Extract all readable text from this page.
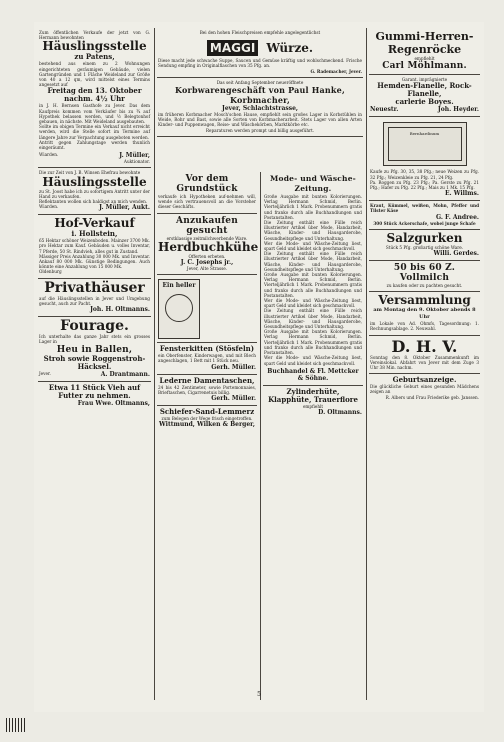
Zum öffentlichen Verkaufe der jetzt von G. Hermann bewohnten
Häuslingsstelle
zu Patens,
bestehend aus einem zu 2 Wohnungen eingerichteten geräumigen Gebäude, vielen Gartengründen und 1 Flâche Weideland zur Größe von 40 a 12 qm, wird mittelst eines Termins angesetzt auf
Freitag den 13. Oktober nachm. 4½ Uhr
in J. H. Bernsen Gasthofe zu Jever. Das dem Kaufpreis kommen vom Verkäufer bis zu ¾ auf Hypothek belassen werden, und ½ Belegtonhof gebauen, in nächste. Mit Weideland ausgebauten.
Sollte im obigen Termine ein Verkauf nicht erreicht werden, wird die Stelle sofort im Termine auf längere Jahre zur Verpachtung ausgeboten werden.
Antritt gegen Zahlungstage werden thunlich eingeräumt.
Wiarden.	J. Müller,
Auktionator.
Die zur Zeit von J. B. Winsen Ehefrau bewohnte
Häuslingsstelle
zu St. Joost habe ich zu sofortigem Antritt unter der Hand zu verkaufen.
Reflektanten wollen sich baldigst an mich wenden.
Wiarden.	J. Müller, Aukt.
Hof-Verkauf
i. Hollstein,
65 Hektar schöner Weizenboden. Mainzer 3700 Mk. pro Hektar zum Kauf. Gebäuden u. volles Inventar, 7 Pferde, 50 St. Rindvieh, alles gut in Zustand.
Mässiger Preis Anzahlung 30 000 Mk. und Inventar. Ankauf 80 000 Mk. Günstige Bedingungen. Auch könnte eine Anzahlung von 15 000 Mk.
Oldenburg
Privathäuser
auf die Häuslingsstellen in Jever und Umgebung gesucht, auch zur Pacht.
Joh. H. Oltmanns.
Fourage.
Ich unterhalte das ganze Jahr stets ein grosses Lager in
Heu in Ballen,
Stroh sowie Roggenstroh-Häcksel.
Jever.	A. Drantmann.
Etwa 11 Stück Vieh auf Futter zu nehmen.
Frau Wwe. Oltmanns,
Bei den hohen Fleischpreisen empfehle angelegentlichst
MAGGI Würze.
Diese macht jede schwache Suppe, Saucen und Gemüse kräftig und wohlschmeckend. Frische Sendung empfing in Originalflaschen von 35 Pfg. an.
G. Rademacher, Jever.
Das seit Anfang September neueröffnete
Korbwarengeschäft von Paul Hanke, Korbmacher,
Jever, Schlachtstrasse,
im früheren Korbmacher Mosch'schen Hause, empfiehlt sein großes Lager in Korbstühlen in Weide, Rohr und Bast, sowie alle Sorten von Korbmacherarbeit. Stets Lager von allen Arten Kinder- und Puppenwagen, Reise- und Wäschekörben, Marktkörbe etc.
Reparaturen werden prompt und billig ausgeführt.
Vor dem Grundstück
verkaufe ich Hypotheken auf-nehmen will, wende sich vertrauensvoll an die Vorsteher dieser Geschäfts.
Anzukaufen gesucht
erstklassige zeitmilchwerbende Ware.
Herdbuchkühe
Offerten erbeten.
J. C. Josephs jr.,
Jever, Alte Strasse.
Ein heller
Fensterkitten (Stösfeln)
ein Oberfenster, Kinderwagen, und mit Blech angeschlagen, 1 Bett mit 1 Stück neu.
Gerh. Müller.
Lederne Damentaschen,
24 bis 42 Zentimeter, sowie Portemonnaies, Brieftaschen, Cigarrenetuis billig.
Gerh. Müller.
Schiefer-Sand-Lemmerz
zum Belegen der Wege frisch eingetroffen.
Wittmund, Wilken & Berger,
Mode- und Wäsche-Zeitung.
Große Ausgabe mit bunten Kolorierungen. Verlag Hermann Schmid, Berlin. Vierteljährlich 1 Mark. Probenummern gratis und franko durch alle Buchhandlungen und Postanstalten.
Die Zeitung enthält eine Fülle reich illustrierter Artikel über Mode, Handarbeit, Wäsche, Kinder- und Hausgarderobe, Gesundheitspflege und Unterhaltung.
Wer die Mode- und Wäsche-Zeitung liest, spart Geld und kleidet sich geschmackvoll.
Die Zeitung enthält eine Fülle reich illustrierter Artikel über Mode, Handarbeit, Wäsche, Kinder- und Hausgarderobe, Gesundheitspflege und Unterhaltung.
Große Ausgabe mit bunten Kolorierungen. Verlag Hermann Schmid, Berlin. Vierteljährlich 1 Mark. Probenummern gratis und franko durch alle Buchhandlungen und Postanstalten.
Wer die Mode- und Wäsche-Zeitung liest, spart Geld und kleidet sich geschmackvoll.
Die Zeitung enthält eine Fülle reich illustrierter Artikel über Mode, Handarbeit, Wäsche, Kinder- und Hausgarderobe, Gesundheitspflege und Unterhaltung.
Große Ausgabe mit bunten Kolorierungen. Verlag Hermann Schmid, Berlin. Vierteljährlich 1 Mark. Probenummern gratis und franko durch alle Buchhandlungen und Postanstalten.
Wer die Mode- und Wäsche-Zeitung liest, spart Geld und kleidet sich geschmackvoll.
Buchhandel & Fl. Mettcker & Söhne.
Zylinderhüte, Klapphüte, Trauerflore
empfiehlt
D. Oltmanns.
Gummi-Herren-Regenröcke
empfiehlt
Carl Möhlmann.
Garant. imprägnierte
Hemden-Flanelle, Rock-Flanelle,
carlerie Boyes.
Neuestr.	Joh. Heyder.
Bernhardinum
Kaufe zu Pfg. 30, 35, 38 Pfg.; neue Weizen zu Pfg. 32 Pfg.; Weizenkleie zu Pfg. 21, 24 Pfg.
Pa. Roggen zu Pfg. 23 Pfg.; Pa. Gerste zu Pfg. 21 Pfg.; Hafer zu Pfg. 22 Pfg.; Mais zu 1 Mk. 15 Pfg.
E. Willms.
Kraut, Kümmel, weißen, Mohn, Pfeffer und Tilster Käse
G. F. Andree.
300 Stück Ackerschafe, wobei junge Schafe
Salzgurken
Stück 5 Pfg. großartig schöne Ware.
Willi. Gerdes.
50 bis 60 Z. Vollmilch
zu kaufen oder zu pachten gesucht.
Versammlung
am Montag den 9. Oktober abends 8 Uhr
im Lokale von Ad. Ohmfs, Tagesordnung: 1. Rechnungsablage. 2. Neuwahl.
D. H. V.
Sonntag den 8. Oktober Zusammenkunft im Vereinslokal. Abfahrt von Jever mit dem Zuge 3 Uhr 38 Min. nachm.
Geburtsanzeige.
Die glückliche Geburt eines gesunden Mädchens zeigen an
R. Albers und Frau Friederike geb. Janssen.
5
